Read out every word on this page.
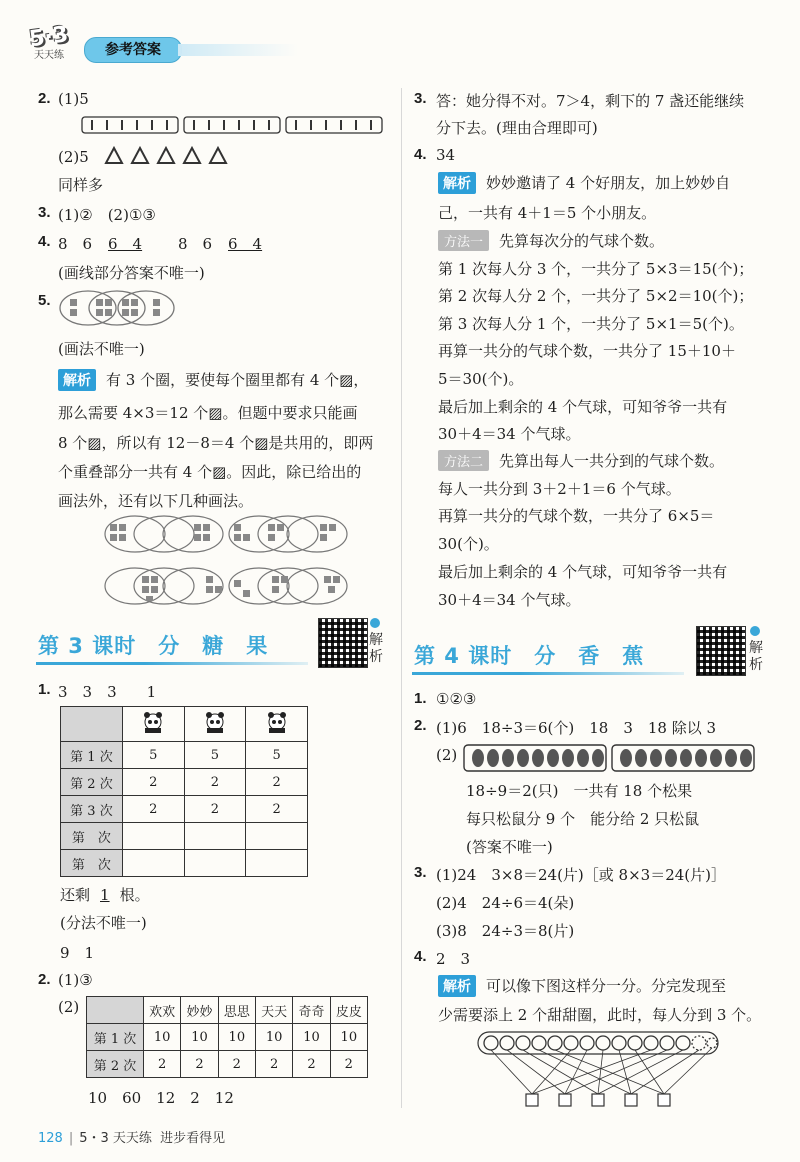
5·3
天天练	参考答案
2. (1)5
(2)5
同样多
3. (1)②　(2)①③
4. 8　6 6　4 8　6 6　4
(画线部分答案不唯一)
5.
(画法不唯一)
解析 有 3 个圈，要使每个圈里都有 4 个▨，
那么需要 4×3＝12 个▨。但题中要求只能画
8 个▨，所以有 12－8＝4 个▨是共用的，即两
个重叠部分一共有 4 个▨。因此，除已给出的
画法外，还有以下几种画法。
第 3 课时　分　糖　果	解
析
1. 3　3　3　　1

第 1 次	5	5	5
第 2 次	2	2	2
第 3 次	2	2	2
第　次			
第　次			
还剩 1 根。
(分法不唯一)
9　1
2. (1)③
(2)
		欢欢	妙妙	思思	天天	奇奇	皮皮
第 1 次	10	10	10	10	10	10
第 2 次	2	2	2	2	2	2
10　60　12　2　12
3. 答：她分得不对。7＞4，剩下的 7 盏还能继续
分下去。(理由合理即可)
4. 34
解析 妙妙邀请了 4 个好朋友，加上妙妙自
己，一共有 4＋1＝5 个小朋友。
方法一 先算每次分的气球个数。
第 1 次每人分 3 个，一共分了 5×3＝15(个)；
第 2 次每人分 2 个，一共分了 5×2＝10(个)；
第 3 次每人分 1 个，一共分了 5×1＝5(个)。
再算一共分的气球个数，一共分了 15＋10＋
5＝30(个)。
最后加上剩余的 4 个气球，可知爷爷一共有
30＋4＝34 个气球。
方法二 先算出每人一共分到的气球个数。
每人一共分到 3＋2＋1＝6 个气球。
再算一共分的气球个数，一共分了 6×5＝
30(个)。
最后加上剩余的 4 个气球，可知爷爷一共有
30＋4＝34 个气球。
第 4 课时　分　香　蕉	解
析
1. ①②③
2. (1)6　18÷3＝6(个)　18　3　18 除以 3
(2)
18÷9＝2(只)　一共有 18 个松果
每只松鼠分 9 个　能分给 2 只松鼠
(答案不唯一)
3. (1)24　3×8＝24(片)［或 8×3＝24(片)］
(2)4　24÷6＝4(朵)
(3)8　24÷3＝8(片)
4. 2　3
解析 可以像下图这样分一分。分完发现至
少需要添上 2 个甜甜圈，此时，每人分到 3 个。
128 | 5・3 天天练 进步看得见
